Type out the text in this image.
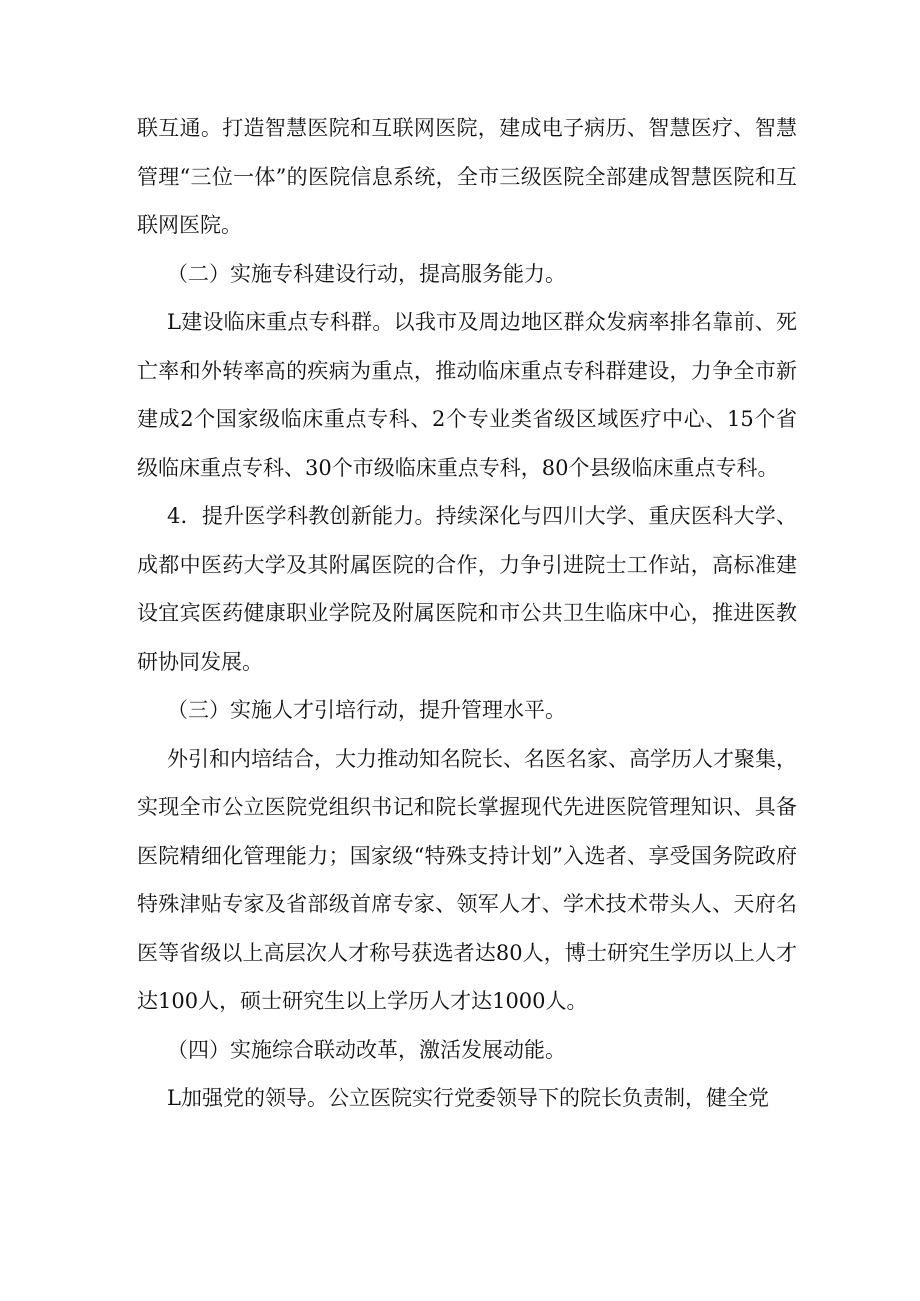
联互通。打造智慧医院和互联网医院，建成电子病历、智慧医疗、智慧管理“三位一体”的医院信息系统，全市三级医院全部建成智慧医院和互联网医院。

（二）实施专科建设行动，提高服务能力。

L建设临床重点专科群。以我市及周边地区群众发病率排名靠前、死亡率和外转率高的疾病为重点，推动临床重点专科群建设，力争全市新建成2个国家级临床重点专科、2个专业类省级区域医疗中心、15个省级临床重点专科、30个市级临床重点专科，80个县级临床重点专科。

4．提升医学科教创新能力。持续深化与四川大学、重庆医科大学、成都中医药大学及其附属医院的合作，力争引进院士工作站，高标准建设宜宾医药健康职业学院及附属医院和市公共卫生临床中心，推进医教研协同发展。

（三）实施人才引培行动，提升管理水平。

外引和内培结合，大力推动知名院长、名医名家、高学历人才聚集，实现全市公立医院党组织书记和院长掌握现代先进医院管理知识、具备医院精细化管理能力；国家级“特殊支持计划”入选者、享受国务院政府特殊津贴专家及省部级首席专家、领军人才、学术技术带头人、天府名医等省级以上高层次人才称号获选者达80人，博士研究生学历以上人才达100人，硕士研究生以上学历人才达1000人。

（四）实施综合联动改革，激活发展动能。

L加强党的领导。公立医院实行党委领导下的院长负责制，健全党
